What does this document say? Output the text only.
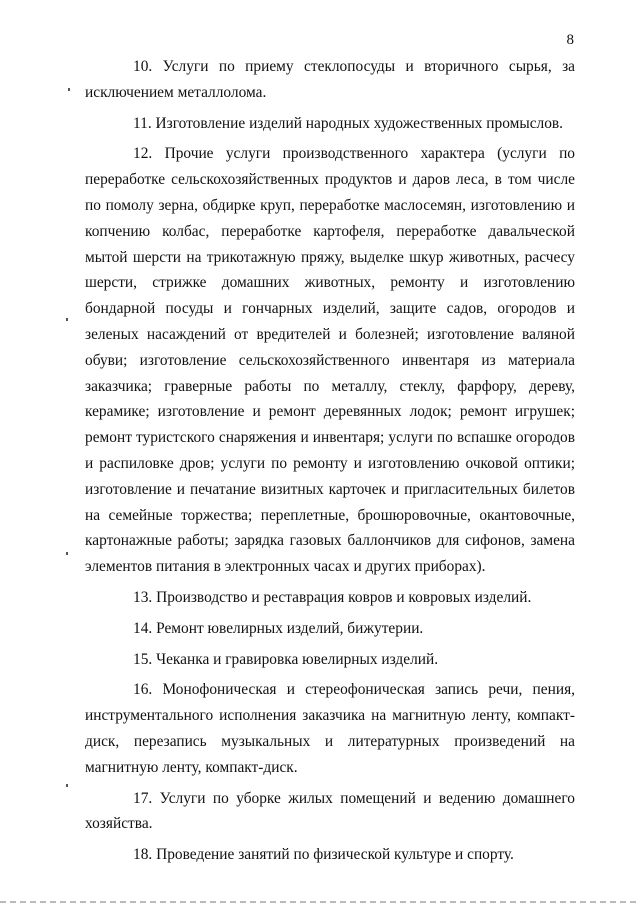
8

10. Услуги по приему стеклопосуды и вторичного сырья, за исключением металлолома.

11. Изготовление изделий народных художественных промыслов.

12. Прочие услуги производственного характера (услуги по переработке сельскохозяйственных продуктов и даров леса, в том числе по помолу зерна, обдирке круп, переработке маслосемян, изготовлению и копчению колбас, переработке картофеля, переработке давальческой мытой шерсти на трикотажную пряжу, выделке шкур животных, расчесу шерсти, стрижке домашних животных, ремонту и изготовлению бондарной посуды и гончарных изделий, защите садов, огородов и зеленых насаждений от вредителей и болезней; изготовление валяной обуви; изготовление сельскохозяйственного инвентаря из материала заказчика; граверные работы по металлу, стеклу, фарфору, дереву, керамике; изготовление и ремонт деревянных лодок; ремонт игрушек; ремонт туристского снаряжения и инвентаря; услуги по вспашке огородов и распиловке дров; услуги по ремонту и изготовлению очковой оптики; изготовление и печатание визитных карточек и пригласительных билетов на семейные торжества; переплетные, брошюровочные, окантовочные, картонажные работы; зарядка газовых баллончиков для сифонов, замена элементов питания в электронных часах и других приборах).

13. Производство и реставрация ковров и ковровых изделий.

14. Ремонт ювелирных изделий, бижутерии.

15. Чеканка и гравировка ювелирных изделий.

16. Монофоническая и стереофоническая запись речи, пения, инструментального исполнения заказчика на магнитную ленту, компакт-диск, перезапись музыкальных и литературных произведений на магнитную ленту, компакт-диск.

17. Услуги по уборке жилых помещений и ведению домашнего хозяйства.

18. Проведение занятий по физической культуре и спорту.
